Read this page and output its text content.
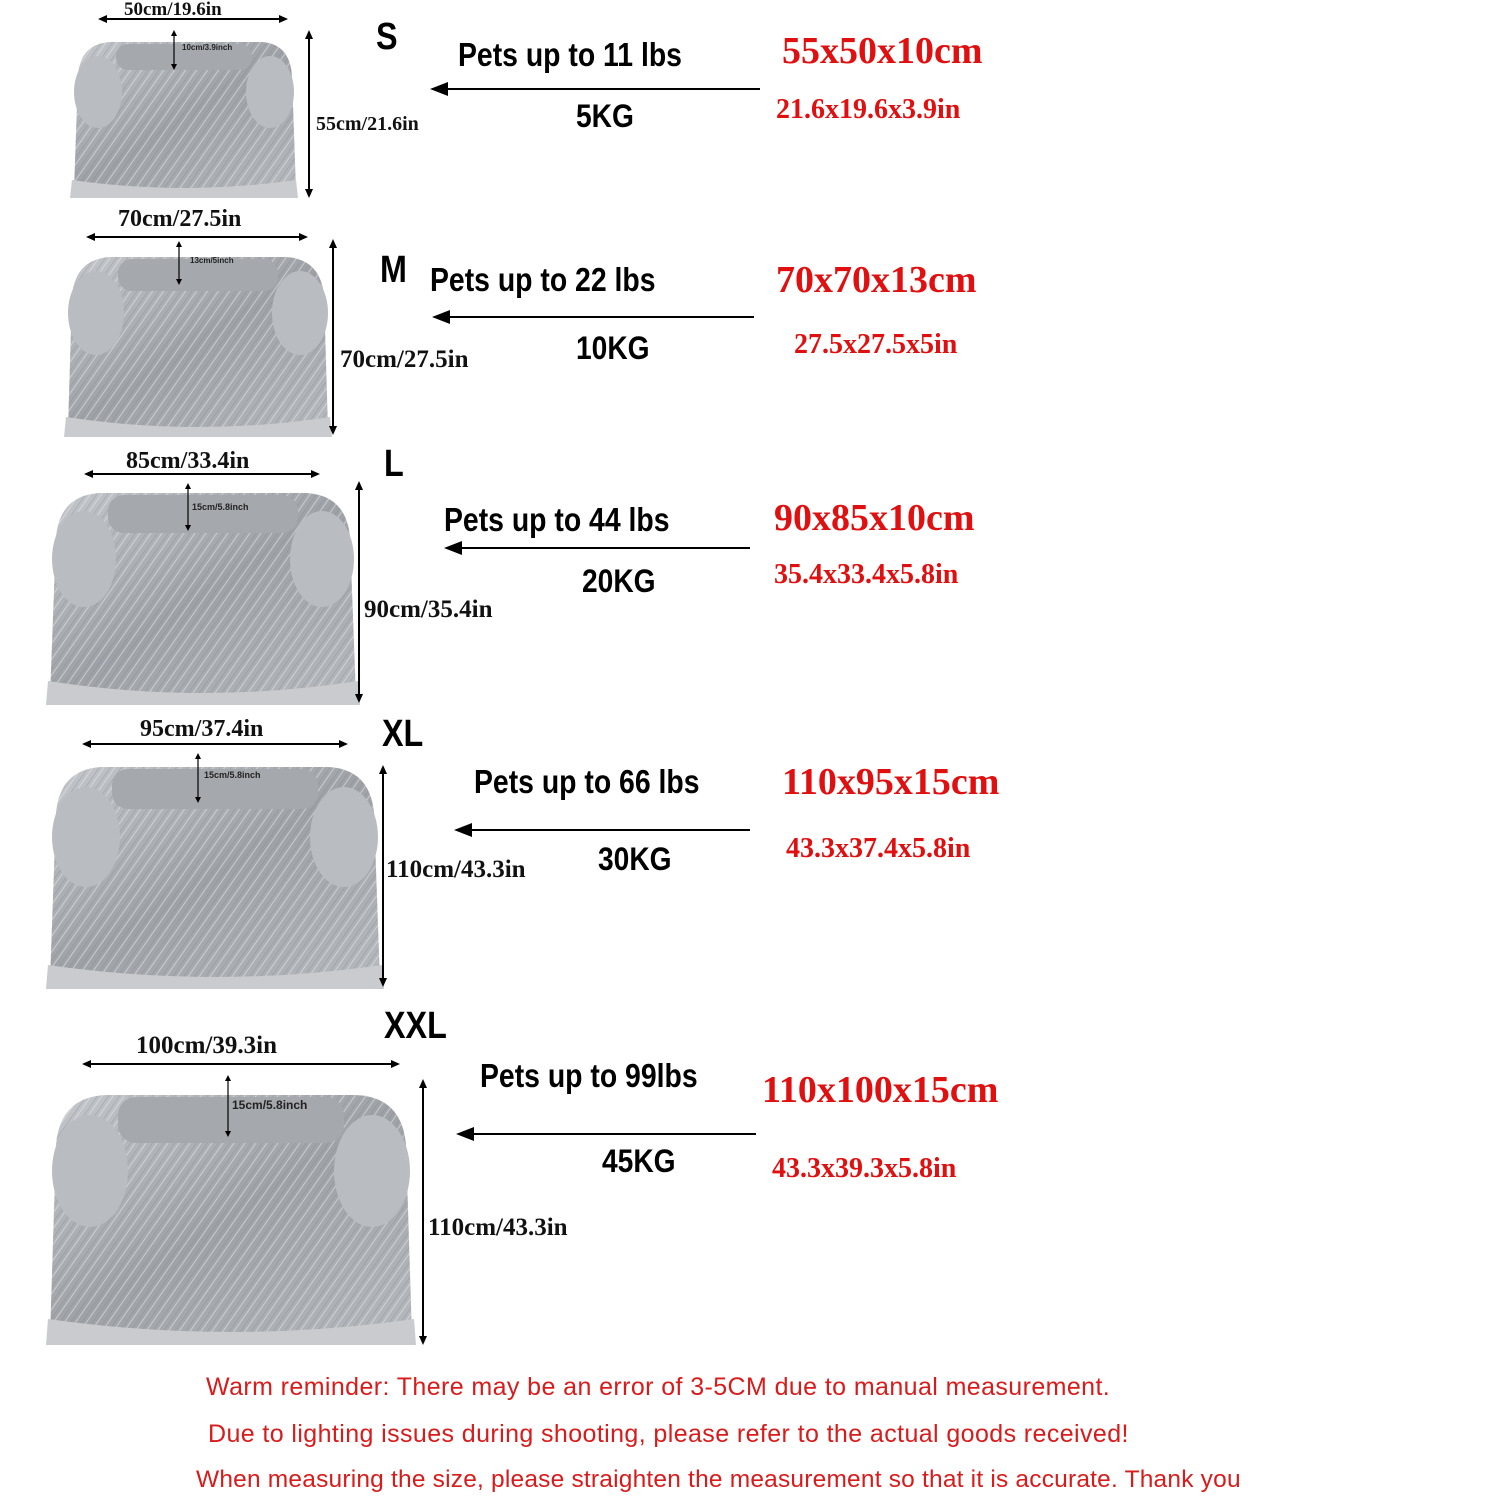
50cm/19.6in
55cm/21.6in
10cm/3.9inch	S Pets up to 11 lbs
5KG
55x50x10cm
21.6x19.6x3.9in
70cm/27.5in
70cm/27.5in
13cm/5inch	M Pets up to 22 lbs
10KG
70x70x13cm
27.5x27.5x5in
85cm/33.4in
90cm/35.4in
15cm/5.8inch
L
Pets up to 44 lbs
20KG
90x85x10cm
35.4x33.4x5.8in
95cm/37.4in
110cm/43.3in
15cm/5.8inch
XL
Pets up to 66 lbs
30KG
110x95x15cm
43.3x37.4x5.8in
100cm/39.3in
110cm/43.3in
15cm/5.8inch
XXL
Pets up to 99lbs
45KG
110x100x15cm
43.3x39.3x5.8in
Warm reminder: There may be an error of 3-5CM due to manual measurement.
Due to lighting issues during shooting, please refer to the actual goods received!
When measuring the size, please straighten the measurement so that it is accurate. Thank you
